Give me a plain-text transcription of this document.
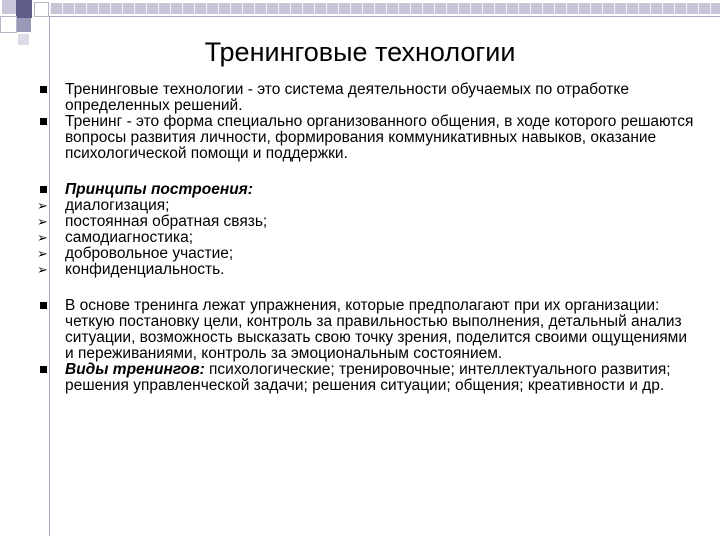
Тренинговые технологии
Тренинговые технологии - это система деятельности обучаемых по отработке определенных решений.
Тренинг - это форма специально организованного общения, в ходе которого решаются вопросы развития личности, формирования коммуникативных навыков, оказание психологической помощи и поддержки.
Принципы построения:
➢ диалогизация;
➢ постоянная обратная связь;
➢ самодиагностика;
➢ добровольное участие;
➢ конфиденциальность.
В основе тренинга лежат упражнения, которые предполагают при их организации: четкую постановку цели, контроль за правильностью выполнения, детальный анализ ситуации, возможность высказать свою точку зрения, поделится своими ощущениями и переживаниями, контроль за эмоциональным состоянием.
Виды тренингов: психологические; тренировочные; интеллектуального развития; решения управленческой задачи; решения ситуации; общения; креативности и др.
